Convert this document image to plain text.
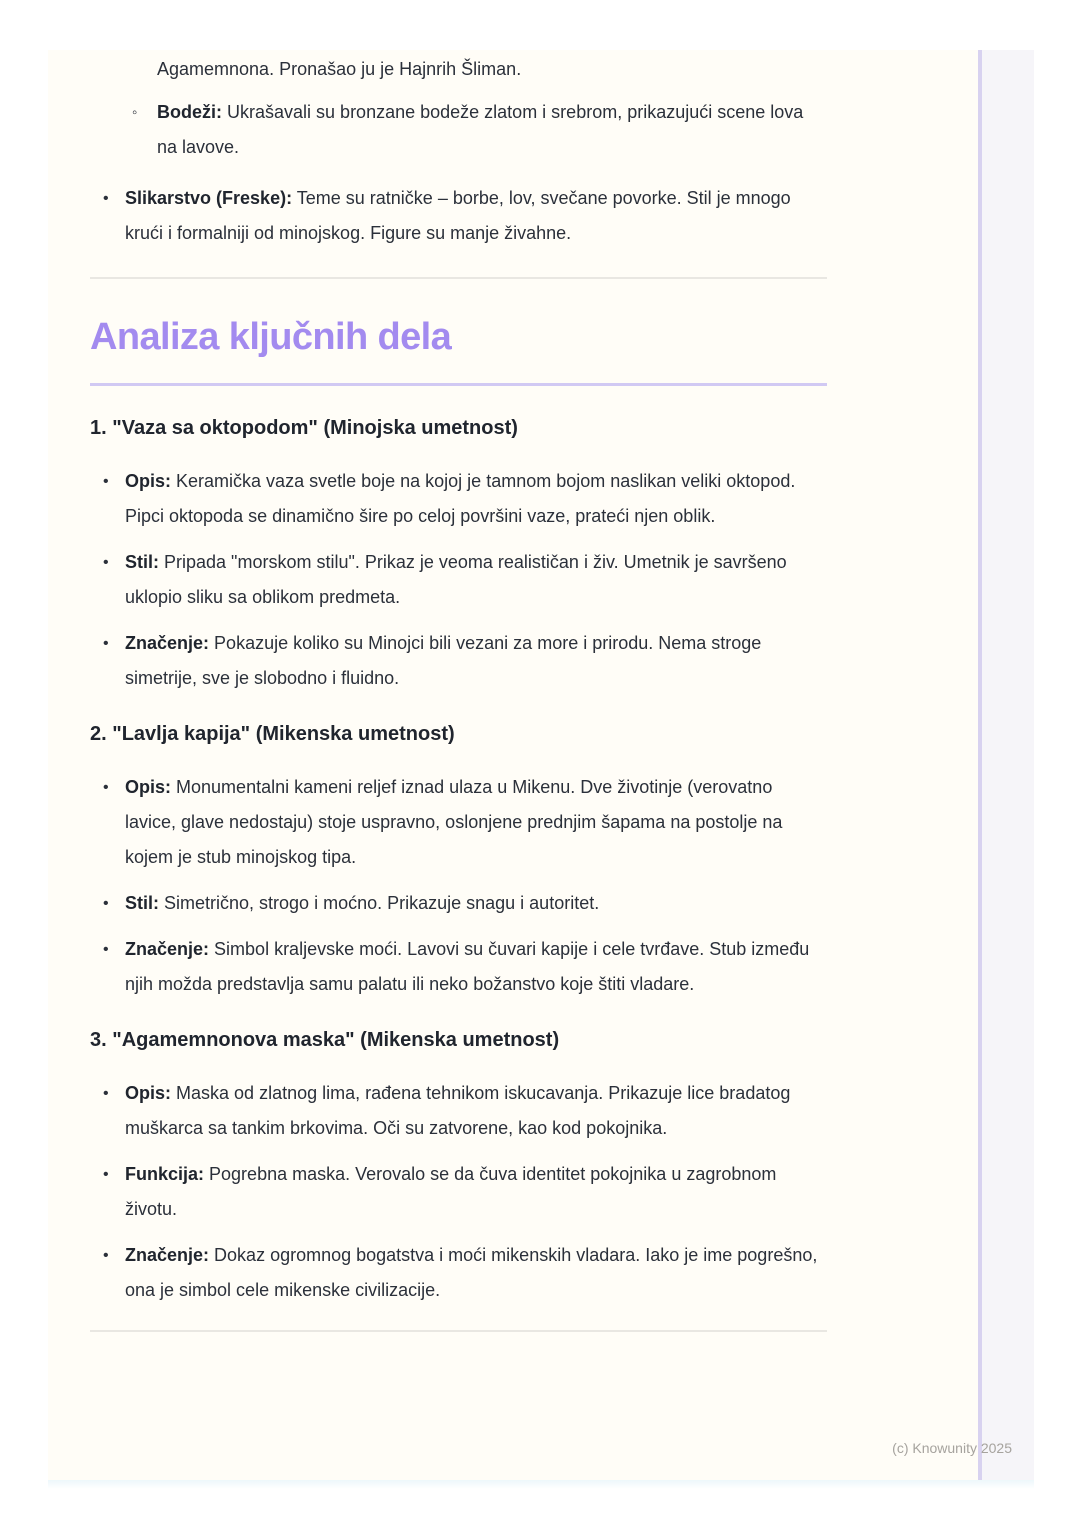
Agamemnona. Pronašao ju je Hajnrih Šliman.

◦ Bodeži: Ukrašavali su bronzane bodeže zlatom i srebrom, prikazujući scene lova na lavove.

• Slikarstvo (Freske): Teme su ratničke – borbe, lov, svečane povorke. Stil je mnogo krući i formalniji od minojskog. Figure su manje živahne.

Analiza ključnih dela
1. "Vaza sa oktopodom" (Minojska umetnost)
• Opis: Keramička vaza svetle boje na kojoj je tamnom bojom naslikan veliki oktopod. Pipci oktopoda se dinamično šire po celoj površini vaze, prateći njen oblik.

• Stil: Pripada "morskom stilu". Prikaz je veoma realističan i živ. Umetnik je savršeno uklopio sliku sa oblikom predmeta.

• Značenje: Pokazuje koliko su Minojci bili vezani za more i prirodu. Nema stroge simetrije, sve je slobodno i fluidno.

2. "Lavlja kapija" (Mikenska umetnost)
• Opis: Monumentalni kameni reljef iznad ulaza u Mikenu. Dve životinje (verovatno lavice, glave nedostaju) stoje uspravno, oslonjene prednjim šapama na postolje na kojem je stub minojskog tipa.

• Stil: Simetrično, strogo i moćno. Prikazuje snagu i autoritet.

• Značenje: Simbol kraljevske moći. Lavovi su čuvari kapije i cele tvrđave. Stub između njih možda predstavlja samu palatu ili neko božanstvo koje štiti vladare.

3. "Agamemnonova maska" (Mikenska umetnost)
• Opis: Maska od zlatnog lima, rađena tehnikom iskucavanja. Prikazuje lice bradatog muškarca sa tankim brkovima. Oči su zatvorene, kao kod pokojnika.

• Funkcija: Pogrebna maska. Verovalo se da čuva identitet pokojnika u zagrobnom životu.

• Značenje: Dokaz ogromnog bogatstva i moći mikenskih vladara. Iako je ime pogrešno, ona je simbol cele mikenske civilizacije.

(c) Knowunity 2025
